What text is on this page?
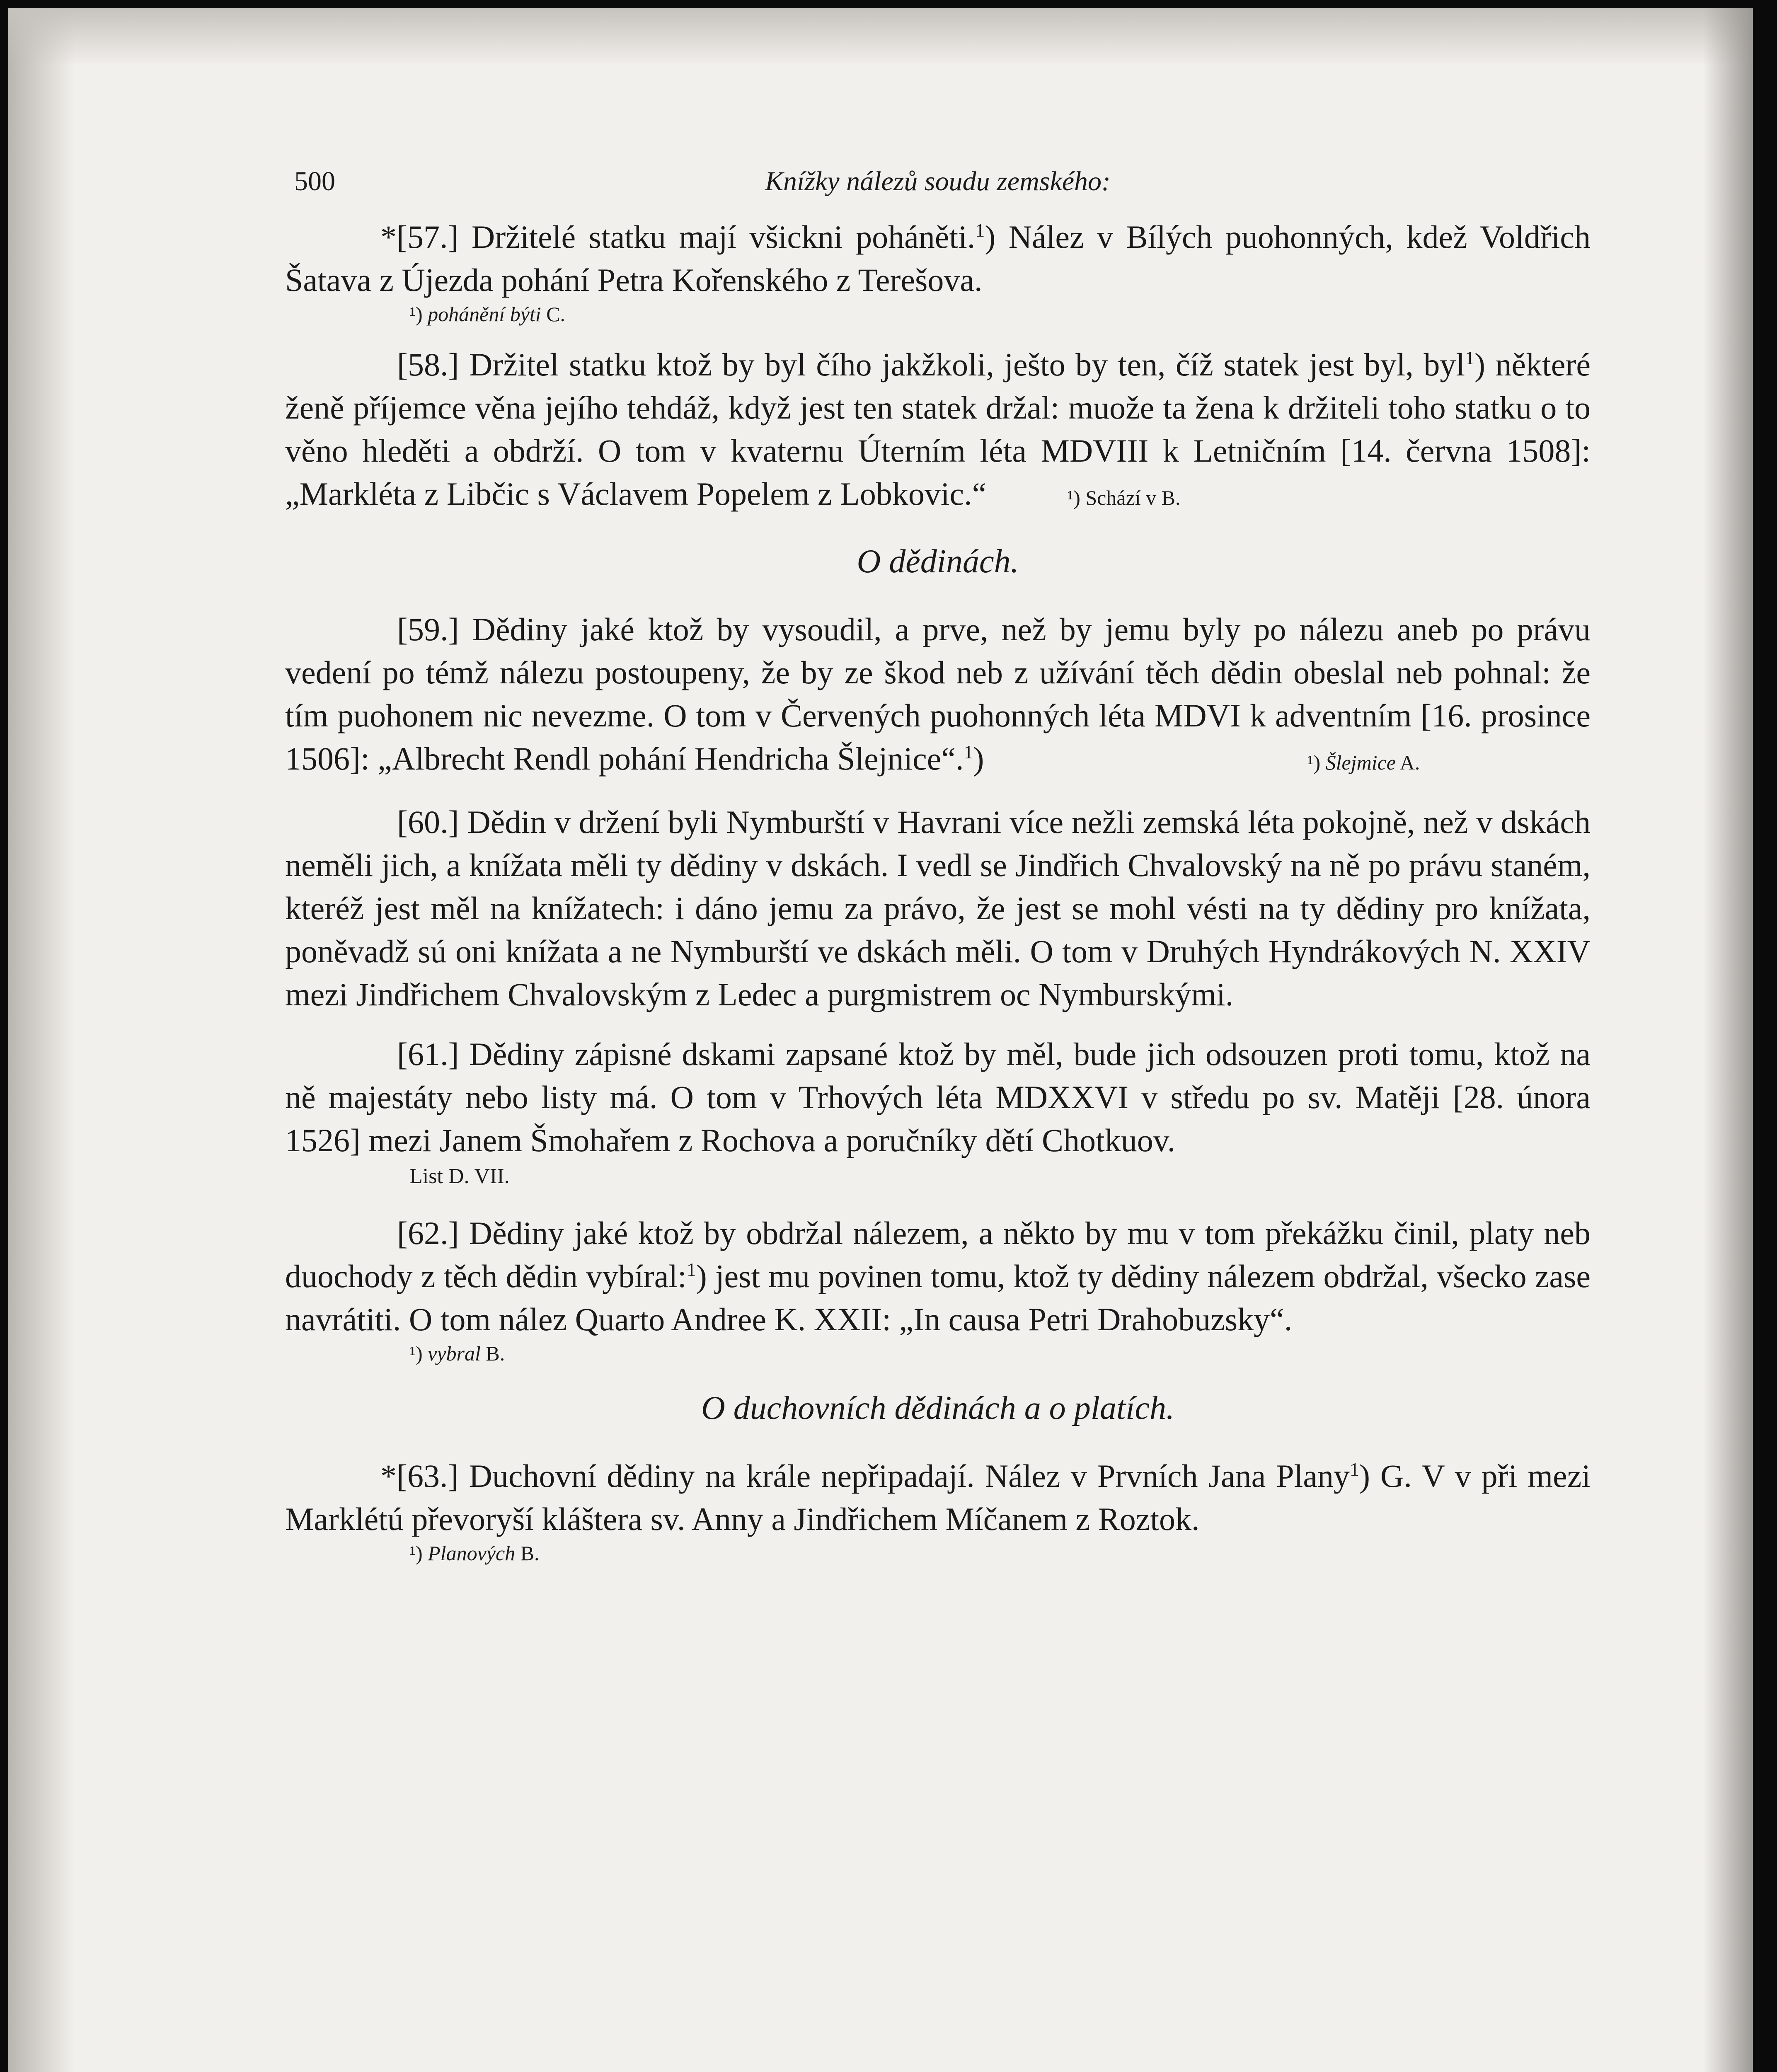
500	Knížky nálezů soudu zemského:

*[57.] Držitelé statku mají všickni poháněti.$^1$) Nález v Bílých puohonných, kdež Voldřich Šatava z Újezda pohání Petra Kořenského z Terešova.

¹) pohánění býti C.

[58.] Držitel statku ktož by byl čího jakžkoli, ješto by ten, číž statek jest byl, byl$^1$) některé ženě příjemce věna jejího tehdáž, když jest ten statek držal: muože ta žena k držiteli toho statku o to věno hleděti a obdrží. O tom v kvaternu Úterním léta MDVIII k Letničním [14. června 1508]: „Markléta z Libčic s Václavem Popelem z Lobkovic.“	¹) Schází v B.

O dědinách.

[59.] Dědiny jaké ktož by vysoudil, a prve, než by jemu byly po nálezu aneb po právu vedení po témž nálezu postoupeny, že by ze škod neb z užívání těch dědin obeslal neb pohnal: že tím puohonem nic nevezme. O tom v Červených puohonných léta MDVI k adventním [16. prosince 1506]: „Albrecht Rendl pohání Hendricha Šlejnice“.$^1$)	¹) Šlejmice A.

[60.] Dědin v držení byli Nymburští v Havrani více nežli zemská léta pokojně, než v dskách neměli jich, a knížata měli ty dědiny v dskách. I vedl se Jindřich Chvalovský na ně po právu staném, kteréž jest měl na knížatech: i dáno jemu za právo, že jest se mohl vésti na ty dědiny pro knížata, poněvadž sú oni knížata a ne Nymburští ve dskách měli. O tom v Druhých Hyndrákových N. XXIV mezi Jindřichem Chvalovským z Ledec a purgmistrem oc Nymburskými.

[61.] Dědiny zápisné dskami zapsané ktož by měl, bude jich odsouzen proti tomu, ktož na ně majestáty nebo listy má. O tom v Trhových léta MDXXVI v středu po sv. Matěji [28. února 1526] mezi Janem Šmohařem z Rochova a poručníky dětí Chotkuov.

List D. VII.

[62.] Dědiny jaké ktož by obdržal nálezem, a někto by mu v tom překážku činil, platy neb duochody z těch dědin vybíral:$^1$) jest mu povinen tomu, ktož ty dědiny nálezem obdržal, všecko zase navrátiti. O tom nález Quarto Andree K. XXII: „In causa Petri Drahobuzsky“.

¹) vybral B.

O duchovních dědinách a o platích.

*[63.] Duchovní dědiny na krále nepřipadají. Nález v Prvních Jana Plany$^1$) G. V v při mezi Marklétú převoryší kláštera sv. Anny a Jindřichem Míčanem z Roztok.

¹) Planových B.
